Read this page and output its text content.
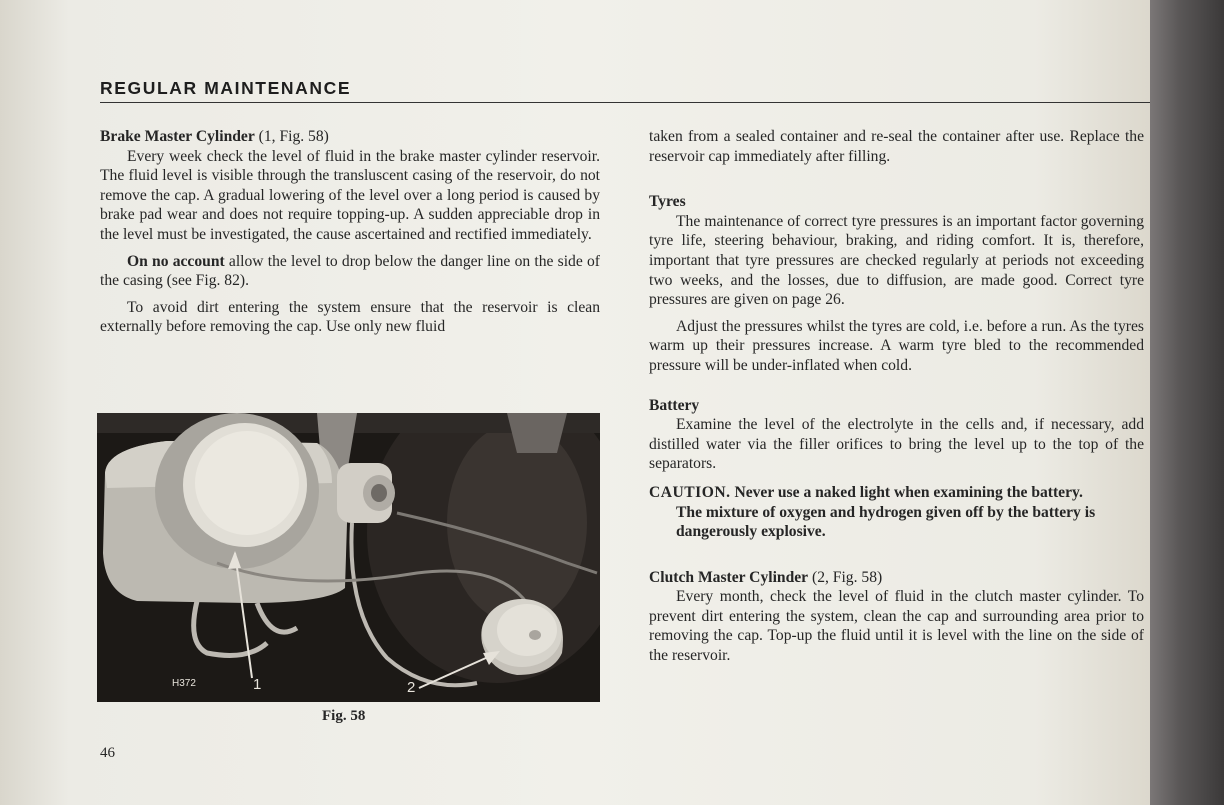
REGULAR MAINTENANCE

Brake Master Cylinder (1, Fig. 58)

Every week check the level of fluid in the brake master cylinder reservoir. The fluid level is visible through the transluscent casing of the reservoir, do not remove the cap. A gradual lowering of the level over a long period is caused by brake pad wear and does not require topping-up. A sudden appreciable drop in the level must be investigated, the cause ascertained and rectified immediately.

On no account allow the level to drop below the danger line on the side of the casing (see Fig. 82).

To avoid dirt entering the system ensure that the reservoir is clean externally before removing the cap. Use only new fluid

H372	1	2
Fig. 58

taken from a sealed container and re-seal the container after use. Replace the reservoir cap immediately after filling.

Tyres

The maintenance of correct tyre pressures is an important factor governing tyre life, steering behaviour, braking, and riding comfort. It is, therefore, important that tyre pressures are checked regularly at periods not exceeding two weeks, and the losses, due to diffusion, are made good. Correct tyre pressures are given on page 26.

Adjust the pressures whilst the tyres are cold, i.e. before a run. As the tyres warm up their pressures increase. A warm tyre bled to the recommended pressure will be under-inflated when cold.

Battery

Examine the level of the electrolyte in the cells and, if necessary, add distilled water via the filler orifices to bring the level up to the top of the separators.

CAUTION. Never use a naked light when examining the battery.

The mixture of oxygen and hydrogen given off by the battery is dangerously explosive.

Clutch Master Cylinder (2, Fig. 58)

Every month, check the level of fluid in the clutch master cylinder. To prevent dirt entering the system, clean the cap and surrounding area prior to removing the cap. Top-up the fluid until it is level with the line on the side of the reservoir.

46
